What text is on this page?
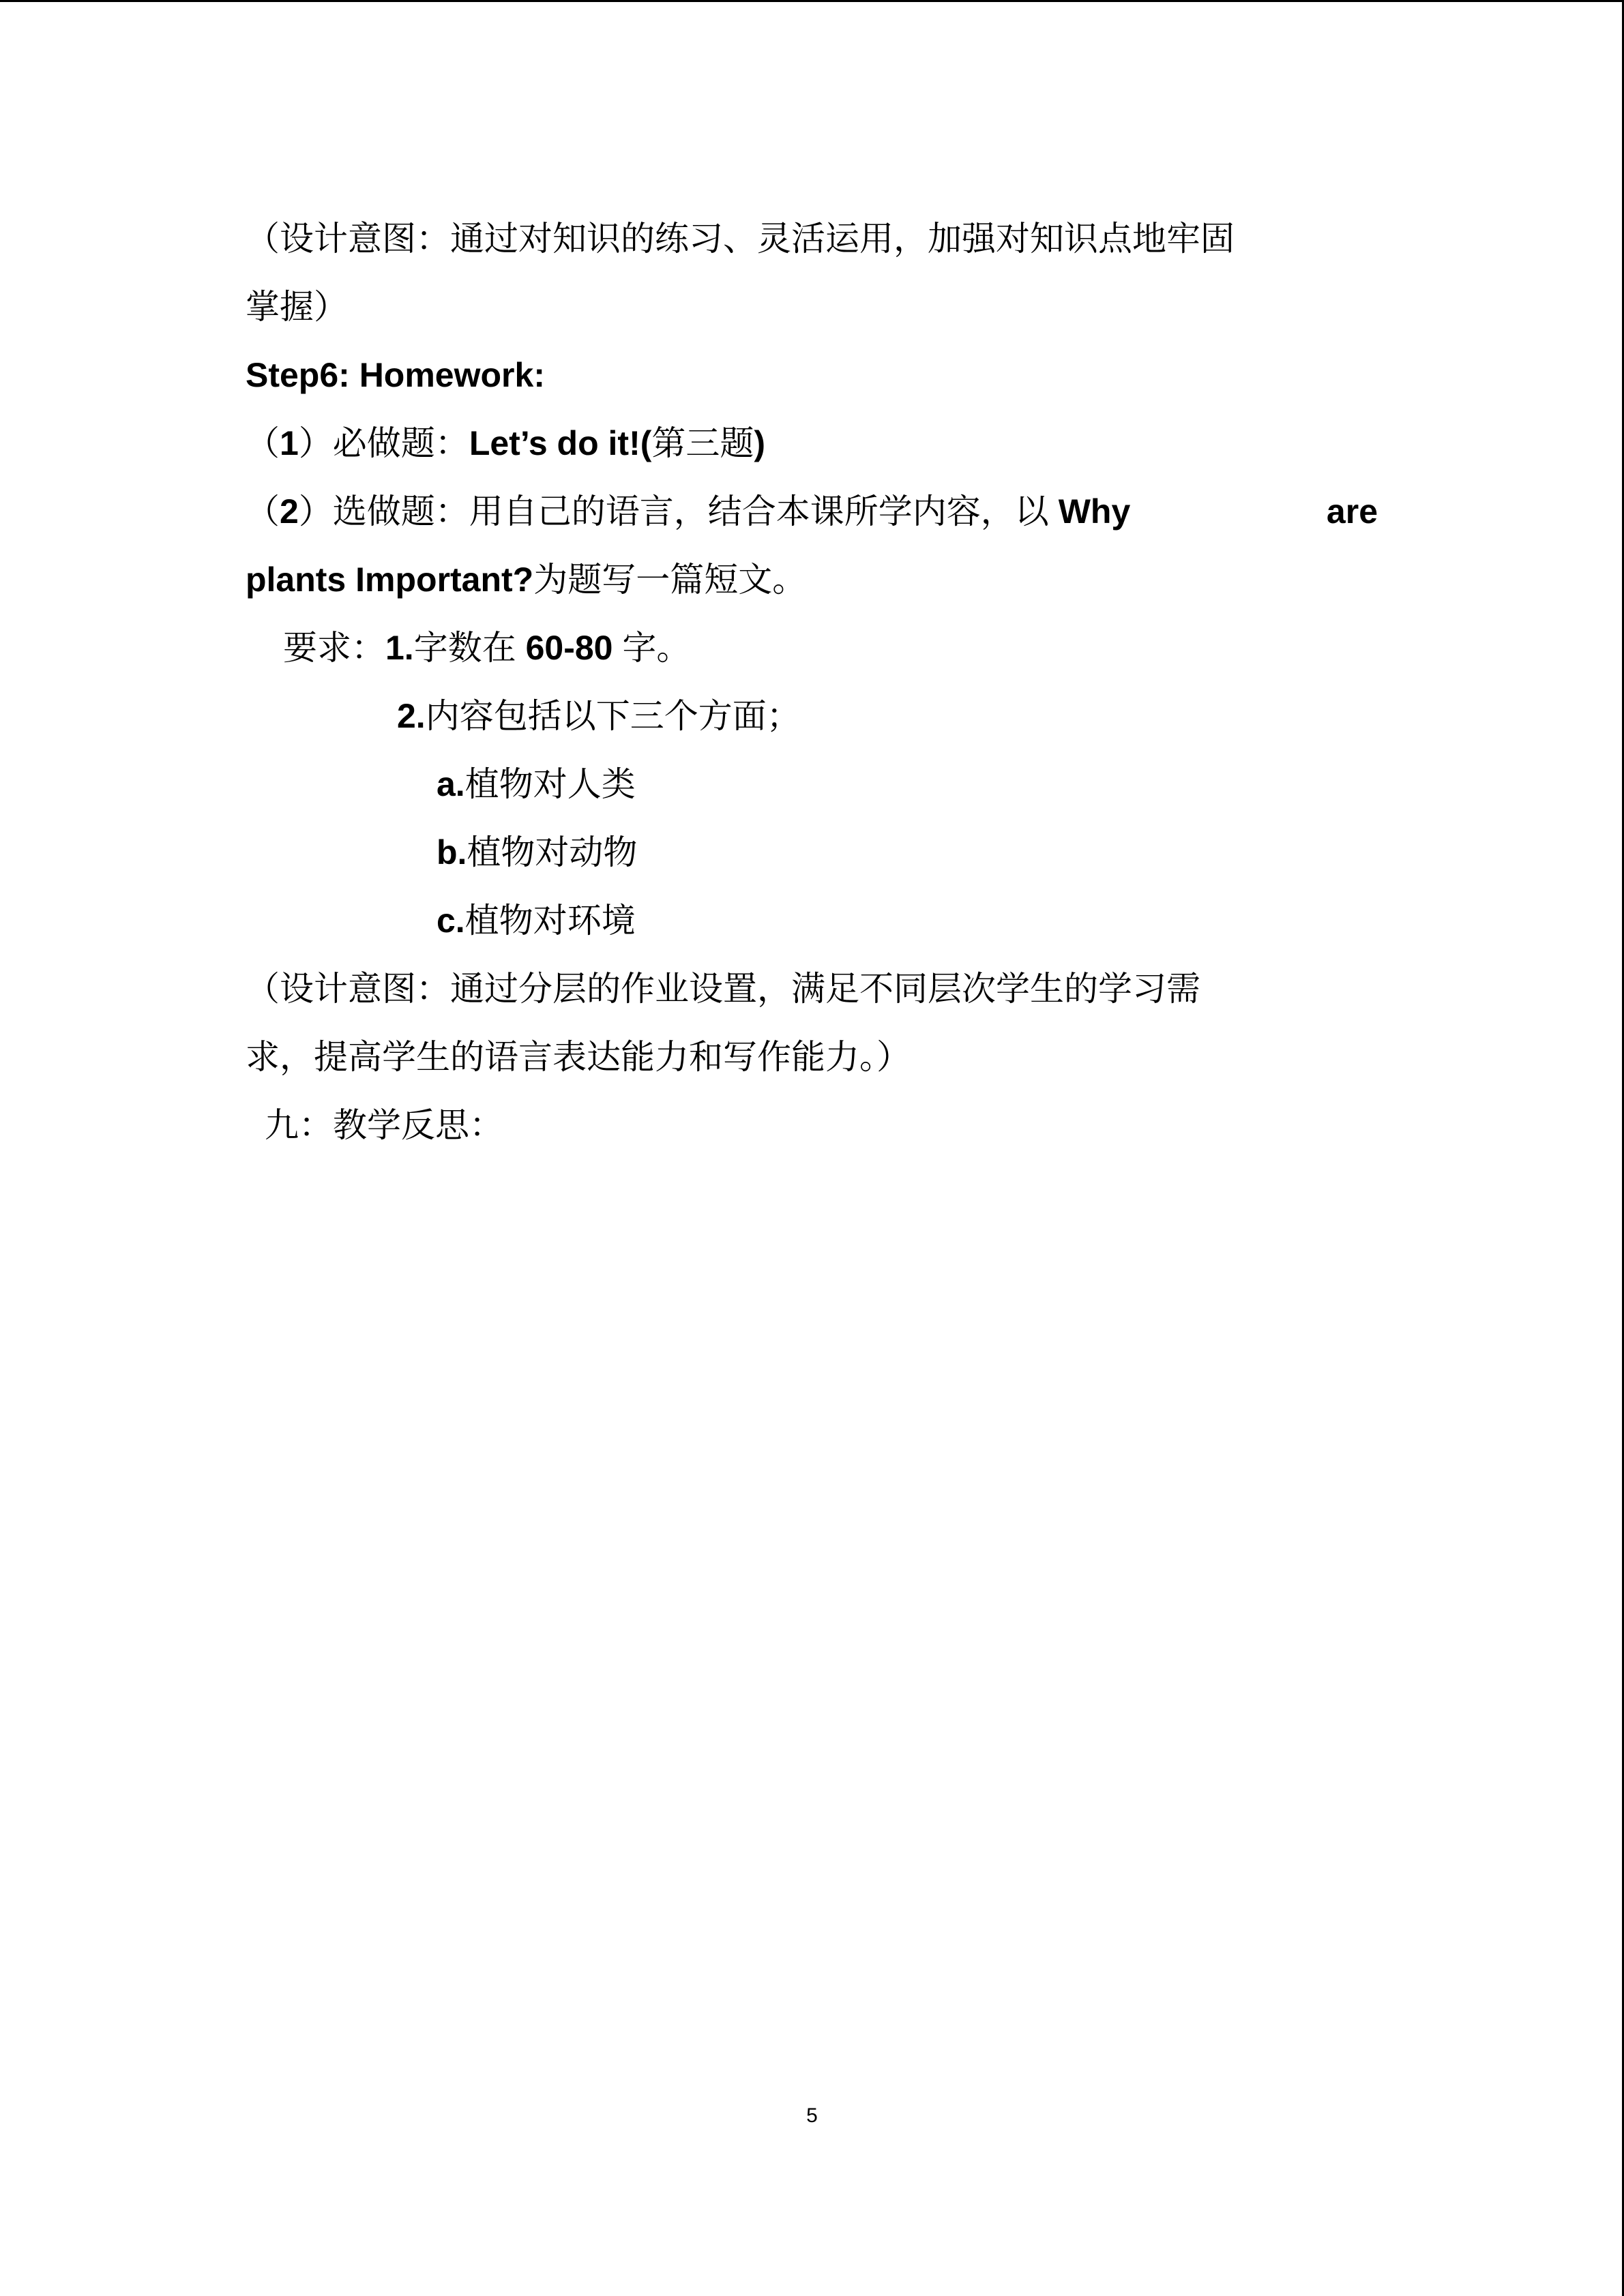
（设计意图：通过对知识的练习、灵活运用，加强对知识点地牢固
掌握）
Step6: Homework:
（1）必做题：Let’s do it!(第三题)
（2）选做题：用自己的语言，结合本课所学内容，以 Why	are
plants Important?为题写一篇短文。
要求：1.字数在 60-80 字。
2.内容包括以下三个方面；
a.植物对人类
b.植物对动物
c.植物对环境
（设计意图：通过分层的作业设置，满足不同层次学生的学习需
求，提高学生的语言表达能力和写作能力。）
九：教学反思：
5
